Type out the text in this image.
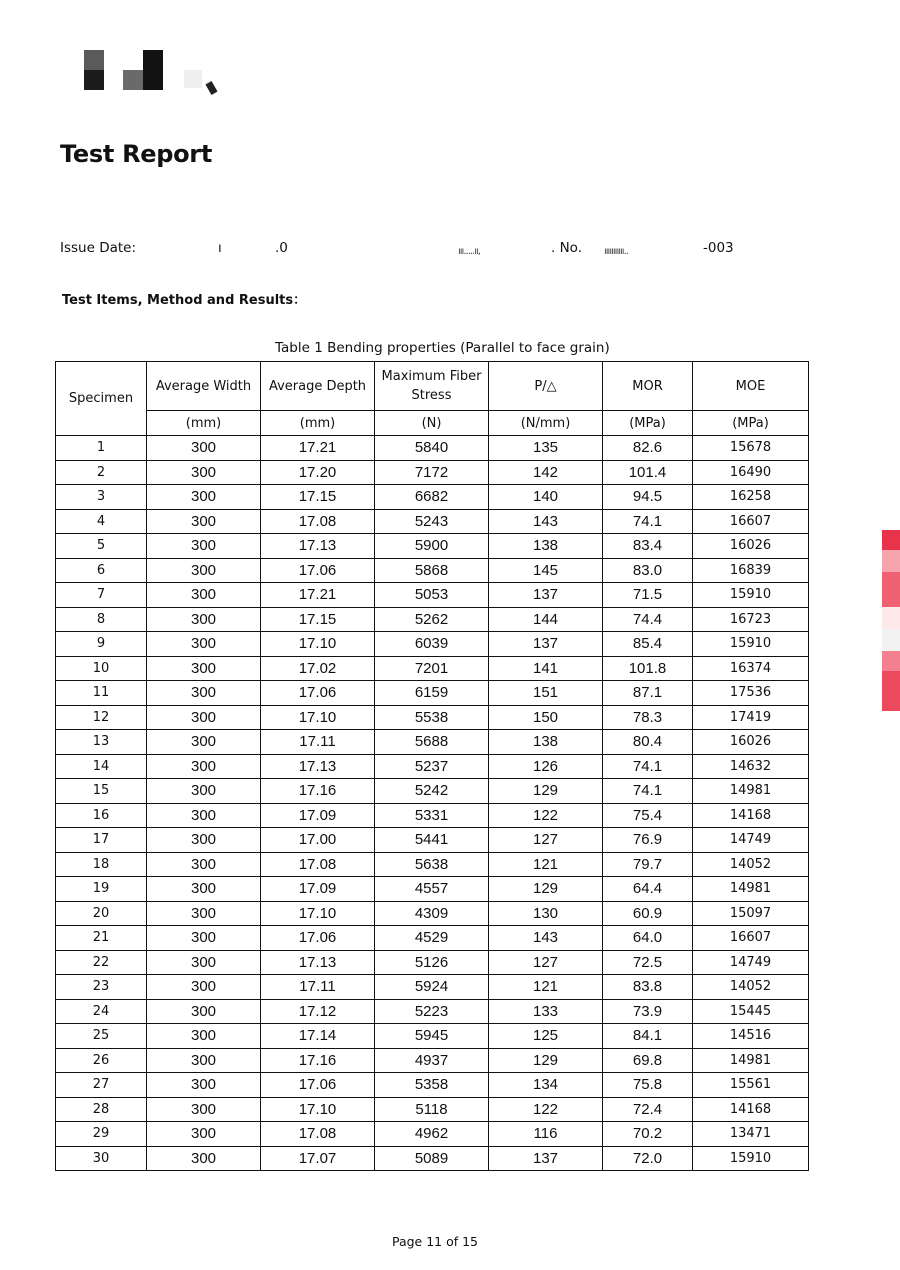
Test Report
Issue Date:	ı	.0	ııı.....ıı,	. No. ııııııııııı..	-003
Test Items, Method and Results：
Table 1 Bending properties (Parallel to face grain)
Specimen	Average Width	Average Depth	Maximum Fiber Stress	P/△	MOR	MOE
	(mm)	(mm)	(N)	(N/mm)	(MPa)	(MPa)
1	300	17.21	5840	135	82.6	15678
2	300	17.20	7172	142	101.4	16490
3	300	17.15	6682	140	94.5	16258
4	300	17.08	5243	143	74.1	16607
5	300	17.13	5900	138	83.4	16026
6	300	17.06	5868	145	83.0	16839
7	300	17.21	5053	137	71.5	15910
8	300	17.15	5262	144	74.4	16723
9	300	17.10	6039	137	85.4	15910
10	300	17.02	7201	141	101.8	16374
11	300	17.06	6159	151	87.1	17536
12	300	17.10	5538	150	78.3	17419
13	300	17.11	5688	138	80.4	16026
14	300	17.13	5237	126	74.1	14632
15	300	17.16	5242	129	74.1	14981
16	300	17.09	5331	122	75.4	14168
17	300	17.00	5441	127	76.9	14749
18	300	17.08	5638	121	79.7	14052
19	300	17.09	4557	129	64.4	14981
20	300	17.10	4309	130	60.9	15097
21	300	17.06	4529	143	64.0	16607
22	300	17.13	5126	127	72.5	14749
23	300	17.11	5924	121	83.8	14052
24	300	17.12	5223	133	73.9	15445
25	300	17.14	5945	125	84.1	14516
26	300	17.16	4937	129	69.8	14981
27	300	17.06	5358	134	75.8	15561
28	300	17.10	5118	122	72.4	14168
29	300	17.08	4962	116	70.2	13471
30	300	17.07	5089	137	72.0	15910
Page 11 of 15
